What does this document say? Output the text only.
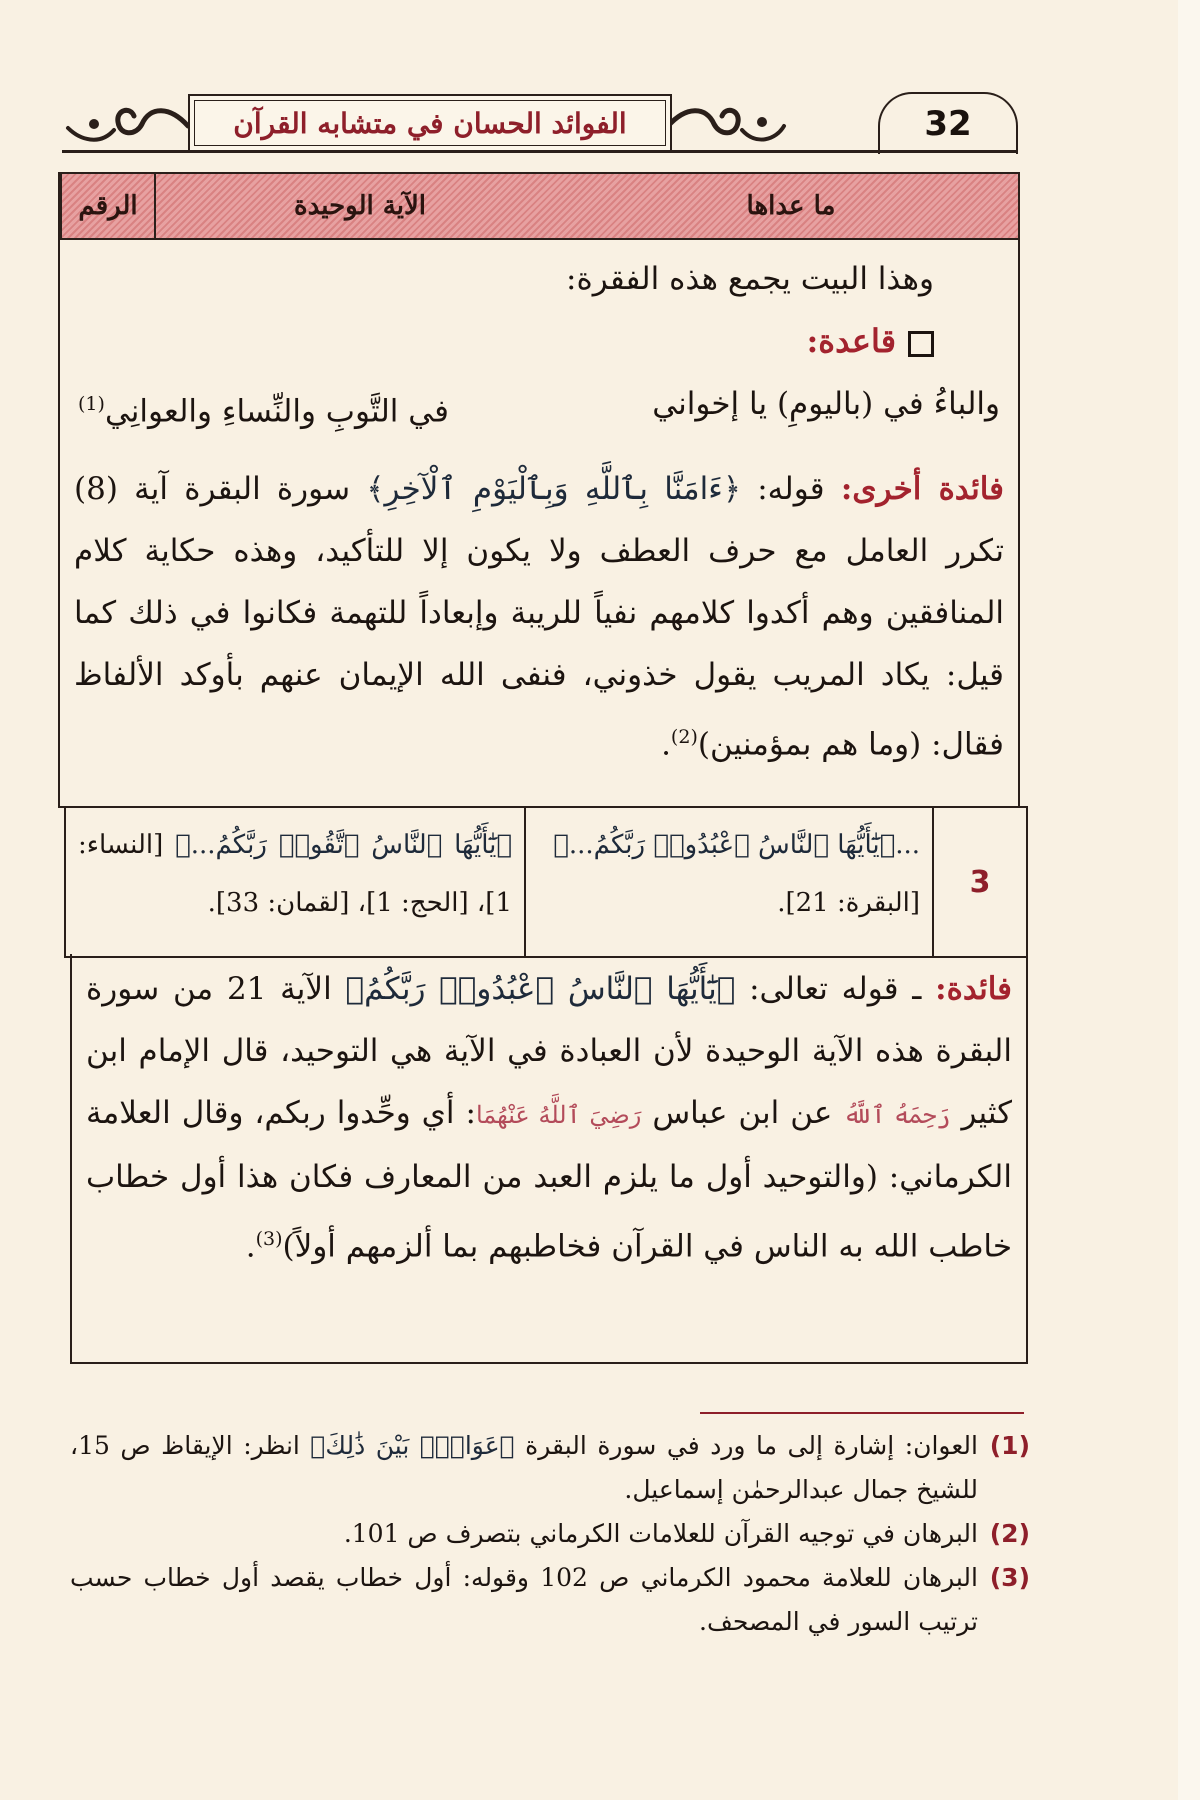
32
الفوائد الحسان في متشابه القرآن
الرقم	الآية الوحيدة	ما عداها
وهذا البيت يجمع هذه الفقرة:
قاعدة:
والباءُ في (باليومِ) يا إخواني
في التَّوبِ والنِّساءِ والعوانِي$^{(1)}$
فائدة أخرى: قوله: ﴿ءَامَنَّا بِٱللَّهِ وَبِٱلْيَوْمِ ٱلْآخِرِ﴾ سورة البقرة آية (8) تكرر العامل مع حرف العطف ولا يكون إلا للتأكيد، وهذه حكاية كلام المنافقين وهم أكدوا كلامهم نفياً للريبة وإبعاداً للتهمة فكانوا في ذلك كما قيل: يكاد المريب يقول خذوني، فنفى الله الإيمان عنهم بأوكد الألفاظ فقال: (وما هم بمؤمنين)$^{(2)}$.
3
...﴿يَٰٓأَيُّهَا ٱلنَّاسُ ٱعْبُدُوا۟ رَبَّكُمُ...﴾
[البقرة: 21].
﴿يَٰٓأَيُّهَا ٱلنَّاسُ ٱتَّقُوا۟ رَبَّكُمُ...﴾ [النساء: 1]، [الحج: 1]، [لقمان: 33].
فائدة: ـ قوله تعالى: ﴿يَٰٓأَيُّهَا ٱلنَّاسُ ٱعْبُدُوا۟ رَبَّكُمُ﴾ الآية 21 من سورة البقرة هذه الآية الوحيدة لأن العبادة في الآية هي التوحيد، قال الإمام ابن كثير رَحِمَهُ ٱللَّهُ عن ابن عباس رَضِيَ ٱللَّهُ عَنْهُمَا: أي وحِّدوا ربكم، وقال العلامة الكرماني: (والتوحيد أول ما يلزم العبد من المعارف فكان هذا أول خطاب خاطب الله به الناس في القرآن فخاطبهم بما ألزمهم أولاً)$^{(3)}$.
(1)
العوان: إشارة إلى ما ورد في سورة البقرة ﴿عَوَانٌۢ بَيْنَ ذَٰلِكَ﴾ انظر: الإيقاظ ص 15، للشيخ جمال عبدالرحمٰن إسماعيل.
(2)
البرهان في توجيه القرآن للعلامات الكرماني بتصرف ص 101.
(3)
البرهان للعلامة محمود الكرماني ص 102 وقوله: أول خطاب يقصد أول خطاب حسب ترتيب السور في المصحف.
